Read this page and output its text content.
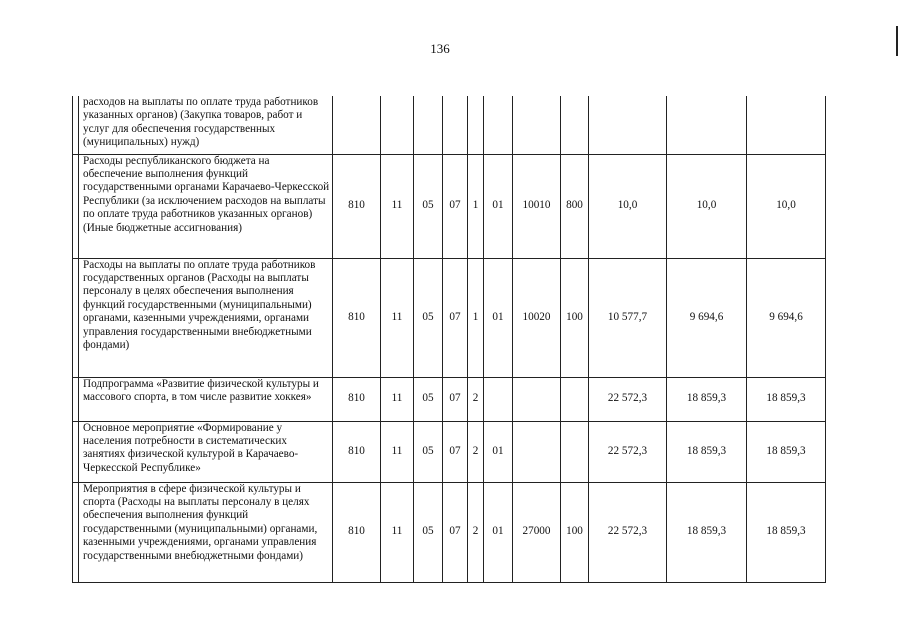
136
	расходов на выплаты по оплате труда работников указанных органов) (Закупка товаров, работ и услуг для обеспечения государственных (муниципальных) нужд)											
	Расходы республиканского бюджета на обеспечение выполнения функций государственными органами Карачаево-Черкесской Республики (за исключением расходов на выплаты по оплате труда работников указанных органов) (Иные бюджетные ассигнования)	810	11	05	07	1	01	10010	800	10,0	10,0	10,0
	Расходы на выплаты по оплате труда работников государственных органов (Расходы на выплаты персоналу в целях обеспечения выполнения функций государственными (муниципальными) органами, казенными учреждениями, органами управления государственными внебюджетными фондами)	810	11	05	07	1	01	10020	100	10 577,7	9 694,6	9 694,6
	Подпрограмма «Развитие физической культуры и массового спорта, в том числе развитие хоккея»	810	11	05	07	2				22 572,3	18 859,3	18 859,3
	Основное мероприятие «Формирование у населения потребности в систематических занятиях физической культурой в Карачаево-Черкесской Республике»	810	11	05	07	2	01			22 572,3	18 859,3	18 859,3
	Мероприятия в сфере физической культуры и спорта (Расходы на выплаты персоналу в целях обеспечения выполнения функций государственными (муниципальными) органами, казенными учреждениями, органами управления государственными внебюджетными фондами)	810	11	05	07	2	01	27000	100	22 572,3	18 859,3	18 859,3
